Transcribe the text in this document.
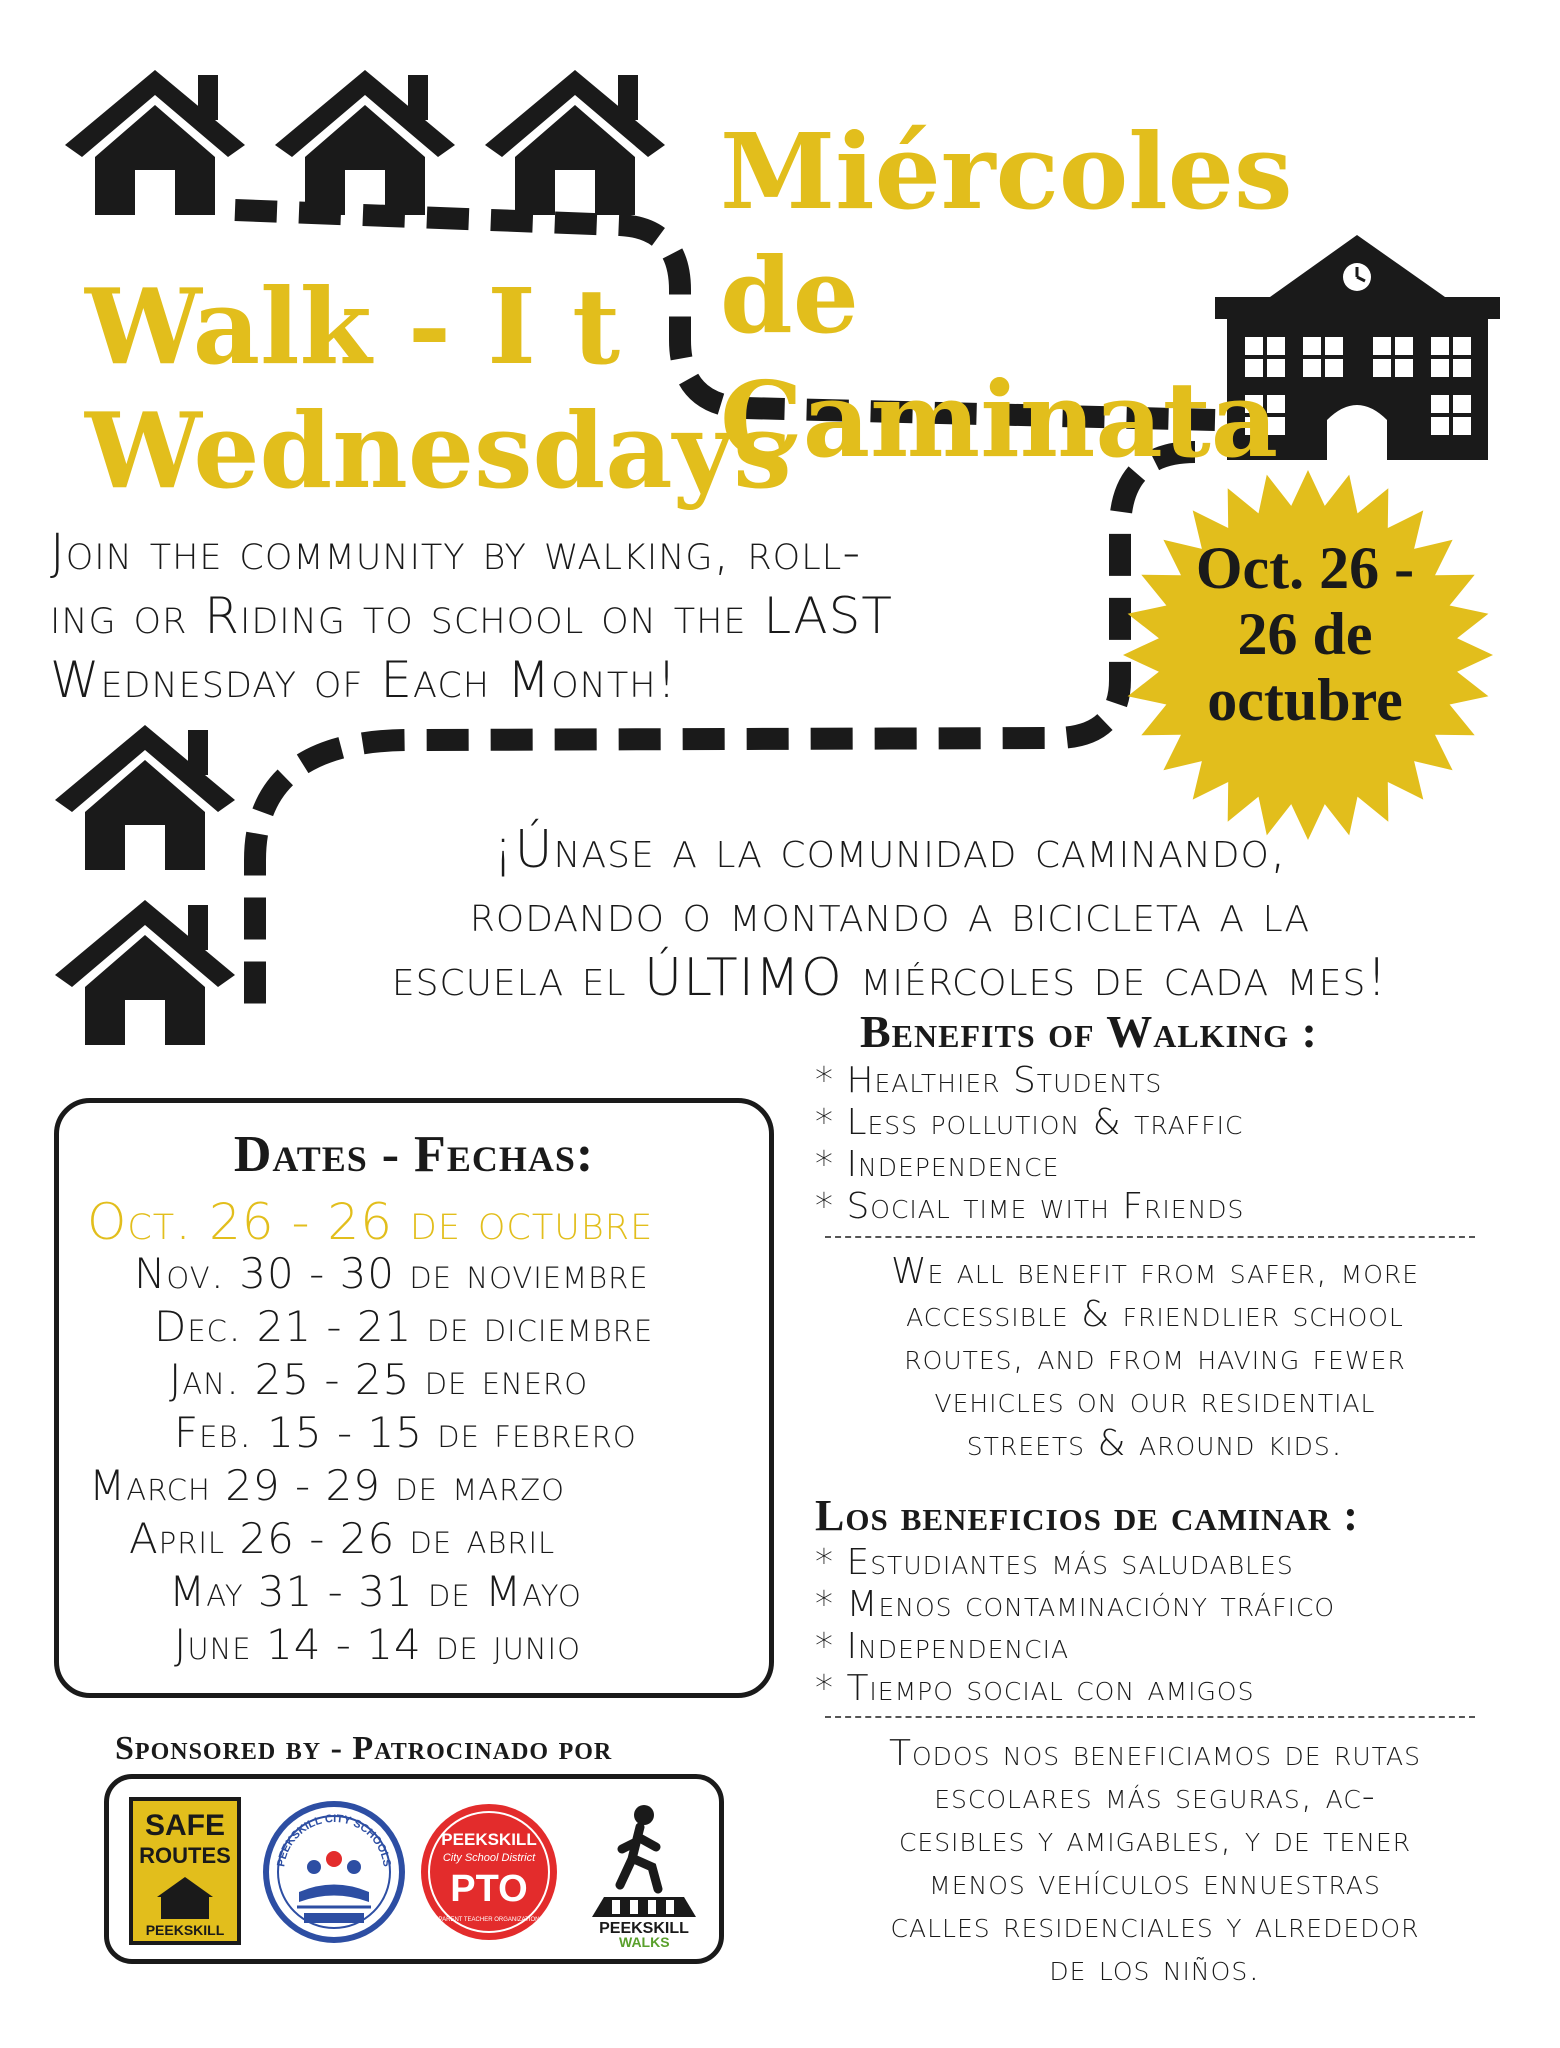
Walk - I t
Wednesdays
Miércoles de
Caminata
Oct. 26 -
26 de
octubre
Join the community by walking, roll-
ing or Riding to school on the LAST
Wednesday of Each Month!
¡Únase a la comunidad caminando,
rodando o montando a bicicleta a la
escuela el ÚLTIMO miércoles de cada mes!
Dates - Fechas:
Oct. 26 - 26 de octubre
Nov. 30 - 30 de noviembre
Dec. 21 - 21 de diciembre
Jan. 25 - 25 de enero
Feb. 15 - 15 de febrero
March 29 - 29 de marzo
April 26 - 26 de abril
May 31 - 31 de Mayo
June 14 - 14 de junio
Benefits of Walking :
* Healthier Students
* Less pollution & traffic
* Independence
* Social time with Friends
We all benefit from safer, more
accessible & friendlier school
routes, and from having fewer
vehicles on our residential
streets & around kids.
Los beneficios de caminar :
* Estudiantes más saludables
* Menos contaminacióny tráfico
* Independencia
* Tiempo social con amigos
Todos nos beneficiamos de rutas
escolares más seguras, ac-
cesibles y amigables, y de tener
menos vehículos ennuestras
calles residenciales y alrededor
de los niños.
Sponsored by - Patrocinado por
SAFE
ROUTES
PEEKSKILL
PEEKSKILL CITY SCHOOLS
PEEKSKILL
City School District
PTO
PARENT TEACHER ORGANIZATION	PEEKSKILL
WALKS
